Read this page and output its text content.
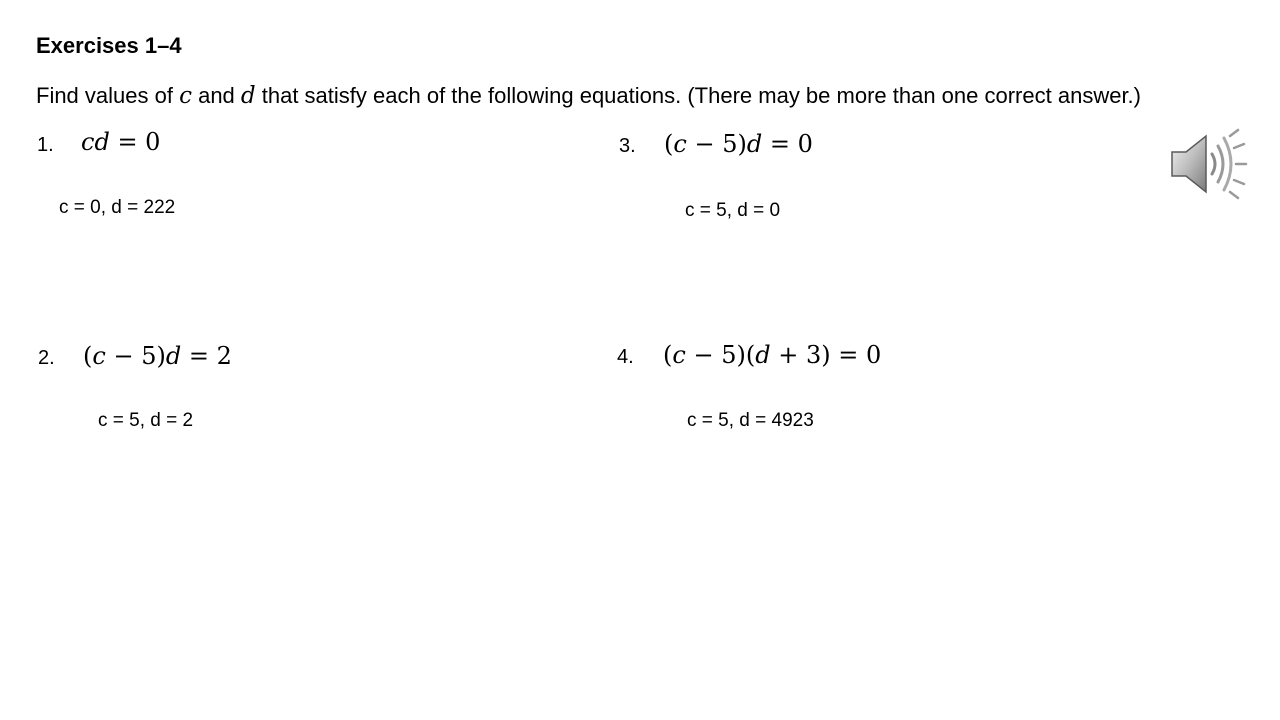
Exercises 1–4
Find values of c and d that satisfy each of the following equations. (There may be more than one correct answer.)
1. cd = 0
c = 0, d = 222
3. (c − 5)d = 0
c = 5, d = 0
2. (c − 5)d = 2
c = 5, d = 2
4. (c − 5)(d + 3) = 0
c = 5, d = 4923
